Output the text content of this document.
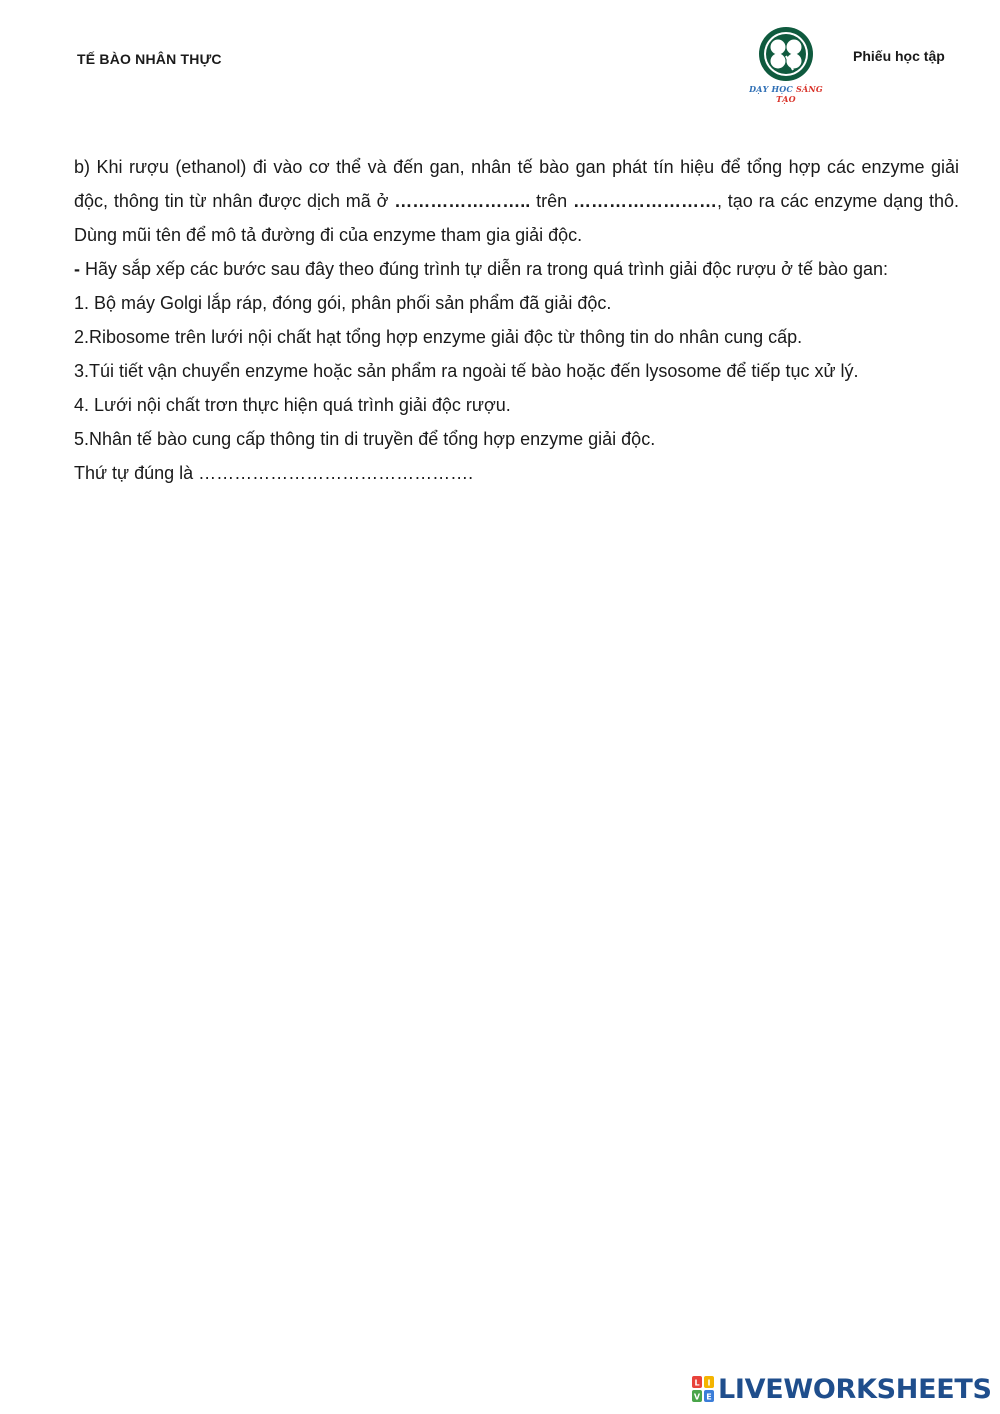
TẾ BÀO NHÂN THỰC
DẠY HỌC SÁNG TẠO
Phiếu học tập

b) Khi rượu (ethanol) đi vào cơ thể và đến gan, nhân tế bào gan phát tín hiệu để tổng hợp các enzyme giải độc, thông tin từ nhân được dịch mã ở ………………….. trên ……………………, tạo ra các enzyme dạng thô. Dùng mũi tên để mô tả đường đi của enzyme tham gia giải độc.

- Hãy sắp xếp các bước sau đây theo đúng trình tự diễn ra trong quá trình giải độc rượu ở tế bào gan:

1. Bộ máy Golgi lắp ráp, đóng gói, phân phối sản phẩm đã giải độc.

2.Ribosome trên lưới nội chất hạt tổng hợp enzyme giải độc từ thông tin do nhân cung cấp.

3.Túi tiết vận chuyển enzyme hoặc sản phẩm ra ngoài tế bào hoặc đến lysosome để tiếp tục xử lý.

4. Lưới nội chất trơn thực hiện quá trình giải độc rượu.

5.Nhân tế bào cung cấp thông tin di truyền để tổng hợp enzyme giải độc.

Thứ tự đúng là ……………………………………….

L I
V E LIVEWORKSHEETS
